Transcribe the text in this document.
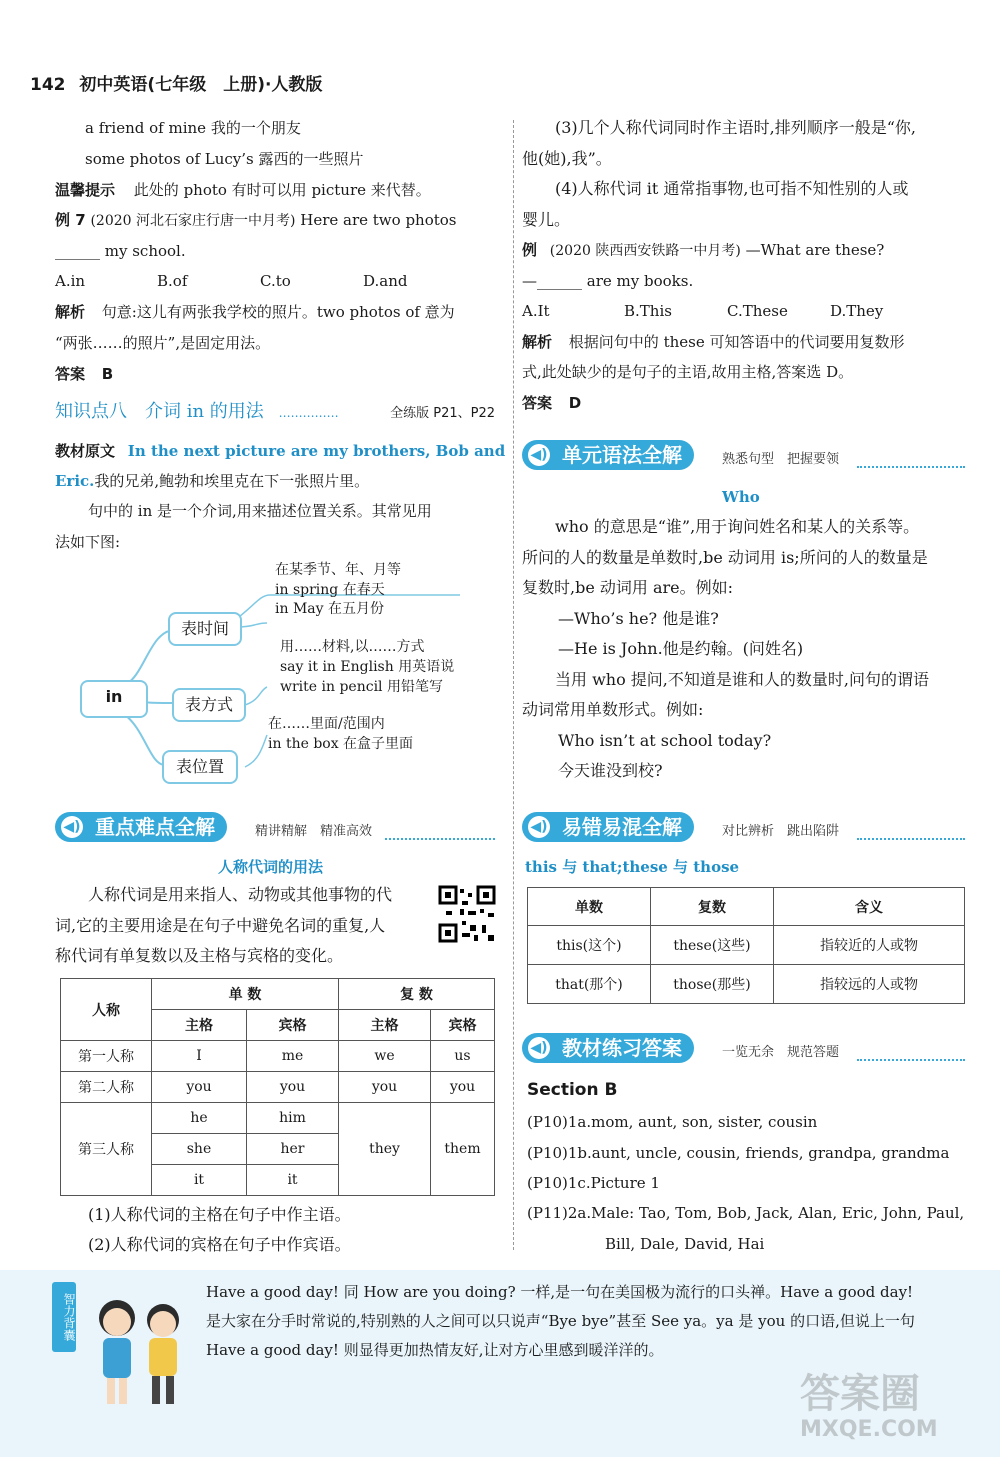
142 初中英语(七年级　上册)·人教版
a friend of mine 我的一个朋友
some photos of Lucy’s 露西的一些照片
温馨提示 此处的 photo 有时可以用 picture 来代替。
例 7 (2020 河北石家庄行唐一中月考) Here are two photos
______ my school.
A.in	B.of	C.to	D.and
解析 句意:这儿有两张我学校的照片。two photos of 意为
“两张……的照片”,是固定用法。
答案 B
知识点八　介词 in 的用法 ……………	全练版 P21、P22
教材原文 In the next picture are my brothers, Bob and
Eric.我的兄弟,鲍勃和埃里克在下一张照片里。
句中的 in 是一个介词,用来描述位置关系。其常见用
法如下图:
in
表时间
表方式
表位置
在某季节、年、月等
in spring 在春天
in May 在五月份
用……材料,以……方式
say it in English 用英语说
write in pencil 用铅笔写
在……里面/范围内
in the box 在盒子里面
◀) 重点难点全解	精讲精解　精准高效
人称代词的用法
人称代词是用来指人、动物或其他事物的代
词,它的主要用途是在句子中避免名词的重复,人
称代词有单复数以及主格与宾格的变化。
人称	单 数		复 数	
	主格	宾格	主格	宾格
第一人称	I	me	we	us
第二人称	you	you	you	you
第三人称	he	him	they	them
	she	her		
	it	it		
(1)人称代词的主格在句子中作主语。
(2)人称代词的宾格在句子中作宾语。
(3)几个人称代词同时作主语时,排列顺序一般是“你,
他(她),我”。
(4)人称代词 it 通常指事物,也可指不知性别的人或
婴儿。
例 (2020 陕西西安铁路一中月考) —What are these?
—______ are my books.
A.It	B.This	C.These	D.They
解析 根据问句中的 these 可知答语中的代词要用复数形
式,此处缺少的是句子的主语,故用主格,答案选 D。
答案 D
◀) 单元语法全解	熟悉句型　把握要领
Who
who 的意思是“谁”,用于询问姓名和某人的关系等。
所问的人的数量是单数时,be 动词用 is;所问的人的数量是
复数时,be 动词用 are。例如:
—Who’s he? 他是谁?
—He is John.他是约翰。(问姓名)
当用 who 提问,不知道是谁和人的数量时,问句的谓语
动词常用单数形式。例如:
Who isn’t at school today?
今天谁没到校?
◀) 易错易混全解	对比辨析　跳出陷阱
this 与 that;these 与 those
单数	复数	含义
this(这个)	these(这些)	指较近的人或物
that(那个)	those(那些)	指较远的人或物
◀) 教材练习答案	一览无余　规范答题
Section B
(P10)1a.mom, aunt, son, sister, cousin
(P10)1b.aunt, uncle, cousin, friends, grandpa, grandma
(P10)1c.Picture 1
(P11)2a.Male: Tao, Tom, Bob, Jack, Alan, Eric, John, Paul,
Bill, Dale, David, Hai
智力背囊
Have a good day! 同 How are you doing? 一样,是一句在美国极为流行的口头禅。Have a good day!
是大家在分手时常说的,特别熟的人之间可以只说声“Bye bye”甚至 See ya。ya 是 you 的口语,但说上一句
Have a good day! 则显得更加热情友好,让对方心里感到暖洋洋的。
答案圈
MXQE.COM
